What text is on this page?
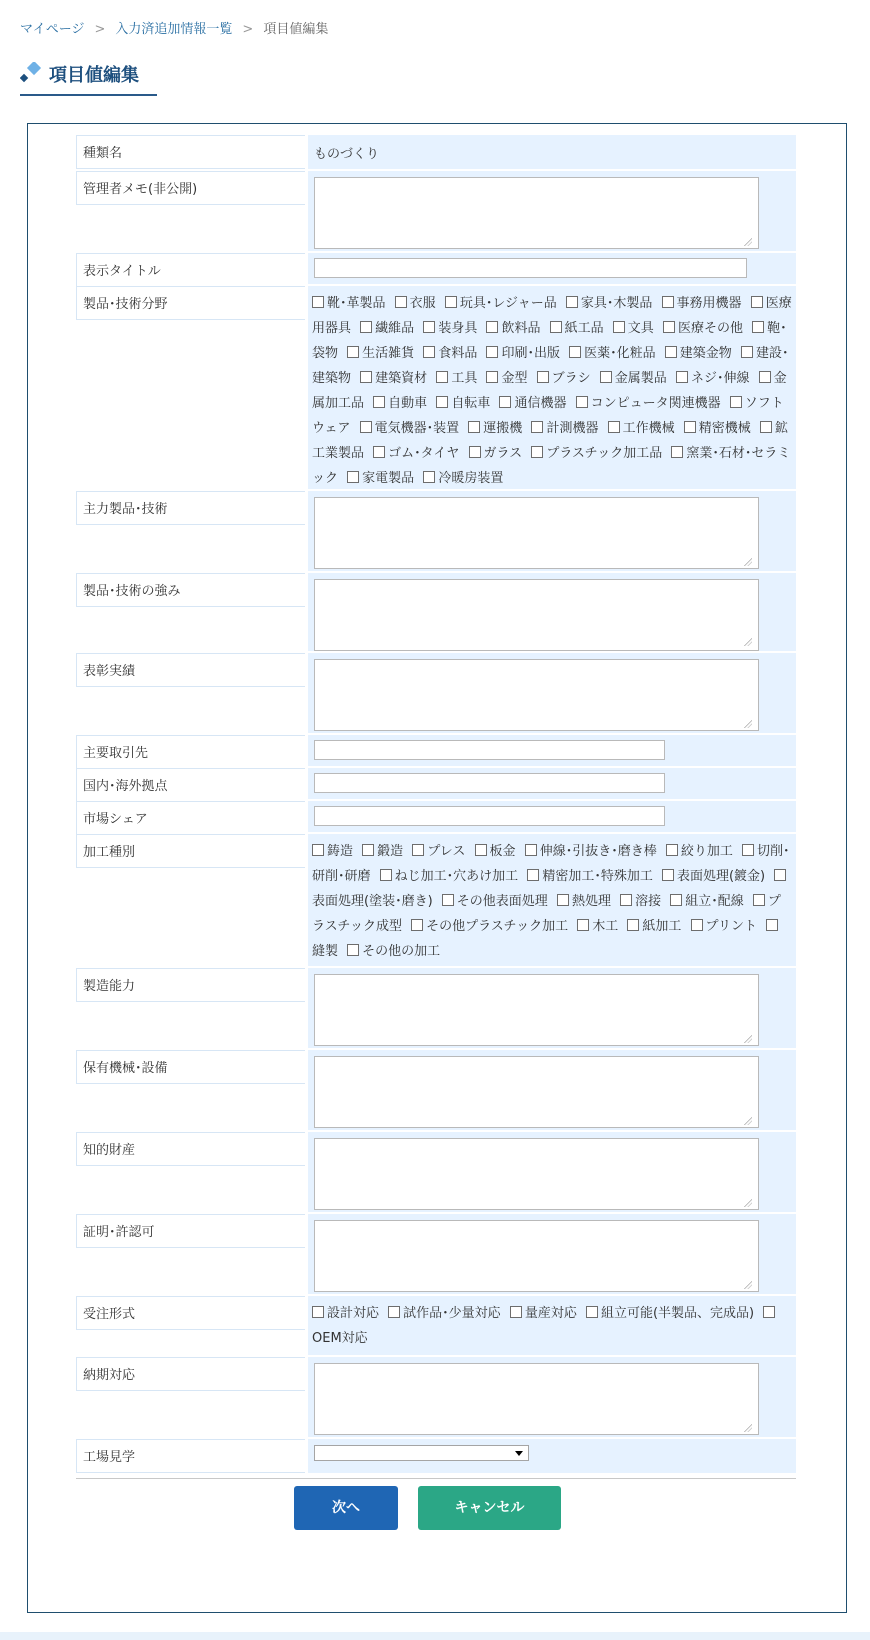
マイページ > 入力済追加情報一覧 > 項目値編集
項目値編集
種類名	ものづくり
管理者メモ(非公開)
表示タイトル
製品･技術分野	靴･革製品 衣服 玩具･レジャー品 家具･木製品 事務用機器 医療用器具 繊維品 装身具 飲料品 紙工品 文具 医療その他 鞄･袋物 生活雑貨 食料品 印刷･出版 医薬･化粧品 建築金物 建設･建築物 建築資材 工具 金型 ブラシ 金属製品 ネジ･伸線 金属加工品 自動車 自転車 通信機器 コンピュータ関連機器 ソフトウェア 電気機器･装置 運搬機 計測機器 工作機械 精密機械 鉱工業製品 ゴム･タイヤ ガラス プラスチック加工品 窯業･石材･セラミック 家電製品 冷暖房装置
主力製品･技術
製品･技術の強み
表彰実績
主要取引先
国内･海外拠点
市場シェア
加工種別	鋳造 鍛造 プレス 板金 伸線･引抜き･磨き棒 絞り加工 切削･研削･研磨 ねじ加工･穴あけ加工 精密加工･特殊加工 表面処理(鍍金) 表面処理(塗装･磨き) その他表面処理 熱処理 溶接 組立･配線 プラスチック成型 その他プラスチック加工 木工 紙加工 プリント 縫製 その他の加工
製造能力
保有機械･設備
知的財産
証明･許認可
受注形式	設計対応 試作品･少量対応 量産対応 組立可能(半製品、完成品) OEM対応
納期対応
工場見学
次へ	キャンセル
